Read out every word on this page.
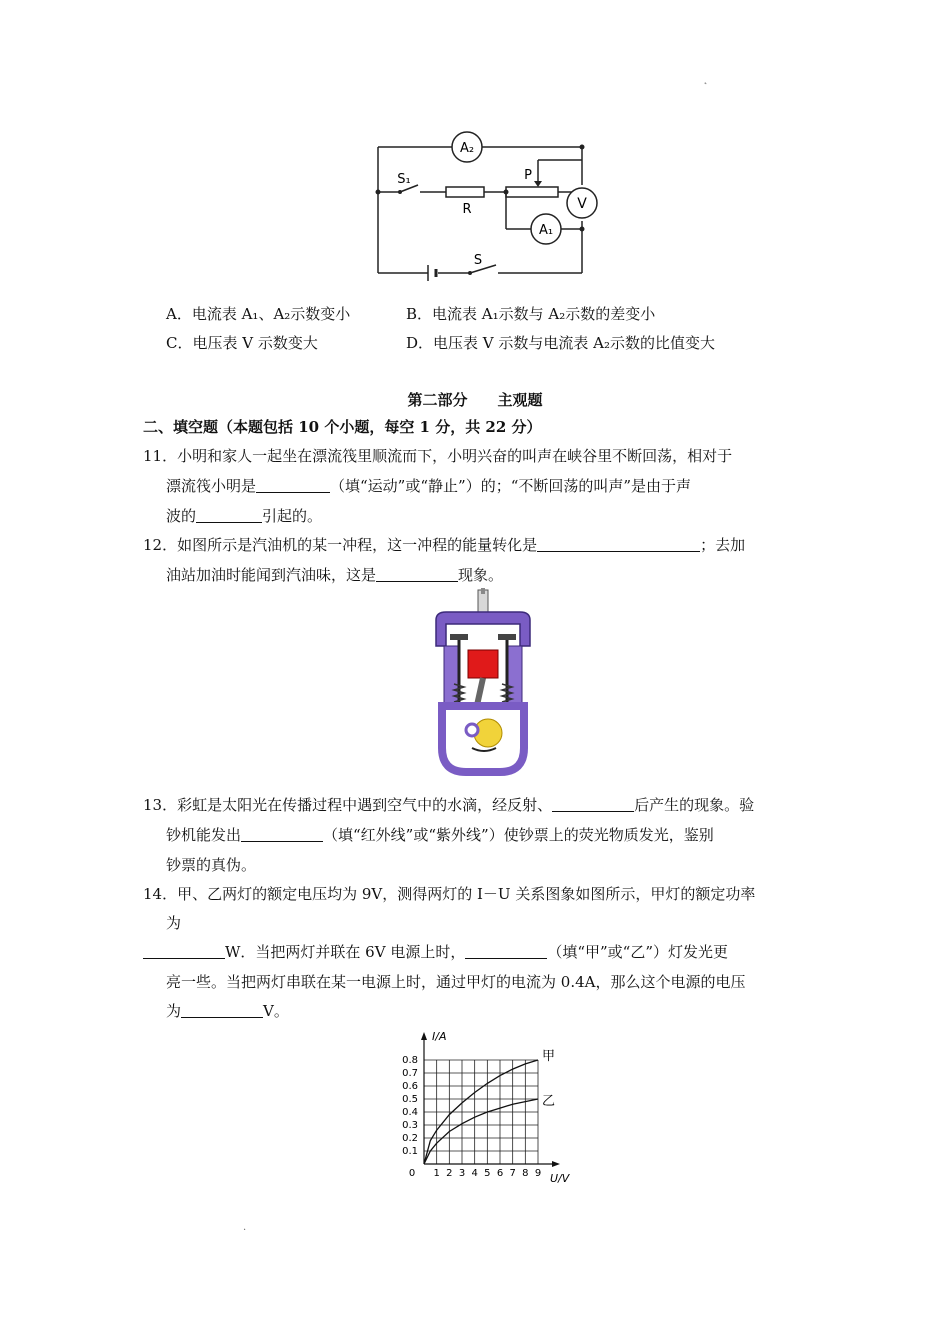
˛
A₂
V
A₁
S₁
R
P
S
A．电流表 A₁、A₂示数变小	B．电流表 A₁示数与 A₂示数的差变小
C．电压表 V 示数变大	D．电压表 V 示数与电流表 A₂示数的比值变大
第二部分　　主观题
二、填空题（本题包括 10 个小题，每空 1 分，共 22 分）
11．小明和家人一起坐在漂流筏里顺流而下，小明兴奋的叫声在峡谷里不断回荡，相对于
漂流筏小明是	（填“运动”或“静止”）的；“不断回荡的叫声”是由于声
波的	引起的。
12．如图所示是汽油机的某一冲程，这一冲程的能量转化是	；去加
油站加油时能闻到汽油味，这是	现象。
13．彩虹是太阳光在传播过程中遇到空气中的水滴，经反射、	后产生的现象。验
钞机能发出	（填“红外线”或“紫外线”）使钞票上的荧光物质发光，鉴别
钞票的真伪。
14．甲、乙两灯的额定电压均为 9V，测得两灯的 I－U 关系图象如图所示，甲灯的额定功率
为
W．当把两灯并联在 6V 电源上时，	（填“甲”或“乙”）灯发光更
亮一些。当把两灯串联在某一电源上时，通过甲灯的电流为 0.4A，那么这个电源的电压
为	V。
0 1 2 3 4 5 6 7 8 9
0.1
0.2
0.3
0.4
0.5
0.6
0.7
0.8
I/A
U/V
甲
乙
.
